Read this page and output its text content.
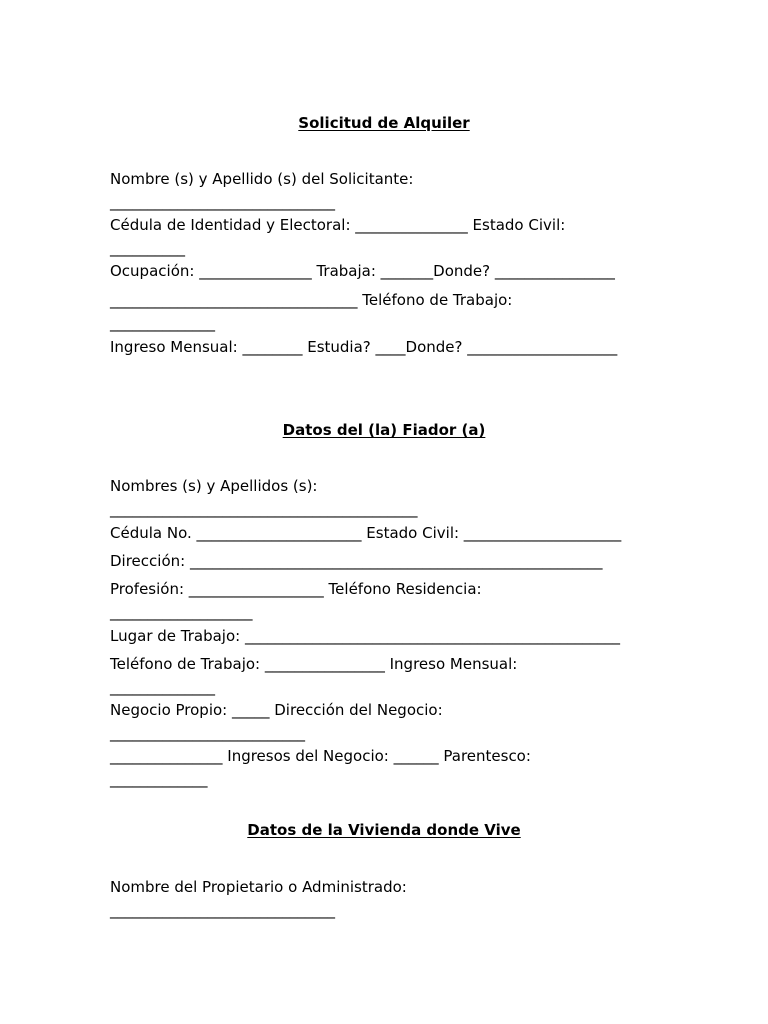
Solicitud de Alquiler
Nombre (s) y Apellido (s) del Solicitante:
______________________________
Cédula de Identidad y Electoral: _______________ Estado Civil:
__________
Ocupación: _______________ Trabaja: _______Donde? ________________
_________________________________ Teléfono de Trabajo:
______________
Ingreso Mensual: ________ Estudia? ____Donde? ____________________
Datos del (la) Fiador (a)
Nombres (s) y Apellidos (s):
_________________________________________
Cédula No. ______________________ Estado Civil: _____________________
Dirección: _______________________________________________________
Profesión: __________________ Teléfono Residencia:
___________________
Lugar de Trabajo: __________________________________________________
Teléfono de Trabajo: ________________ Ingreso Mensual:
______________
Negocio Propio: _____ Dirección del Negocio:
__________________________
_______________ Ingresos del Negocio: ______ Parentesco:
_____________
Datos de la Vivienda donde Vive
Nombre del Propietario o Administrado:
______________________________
